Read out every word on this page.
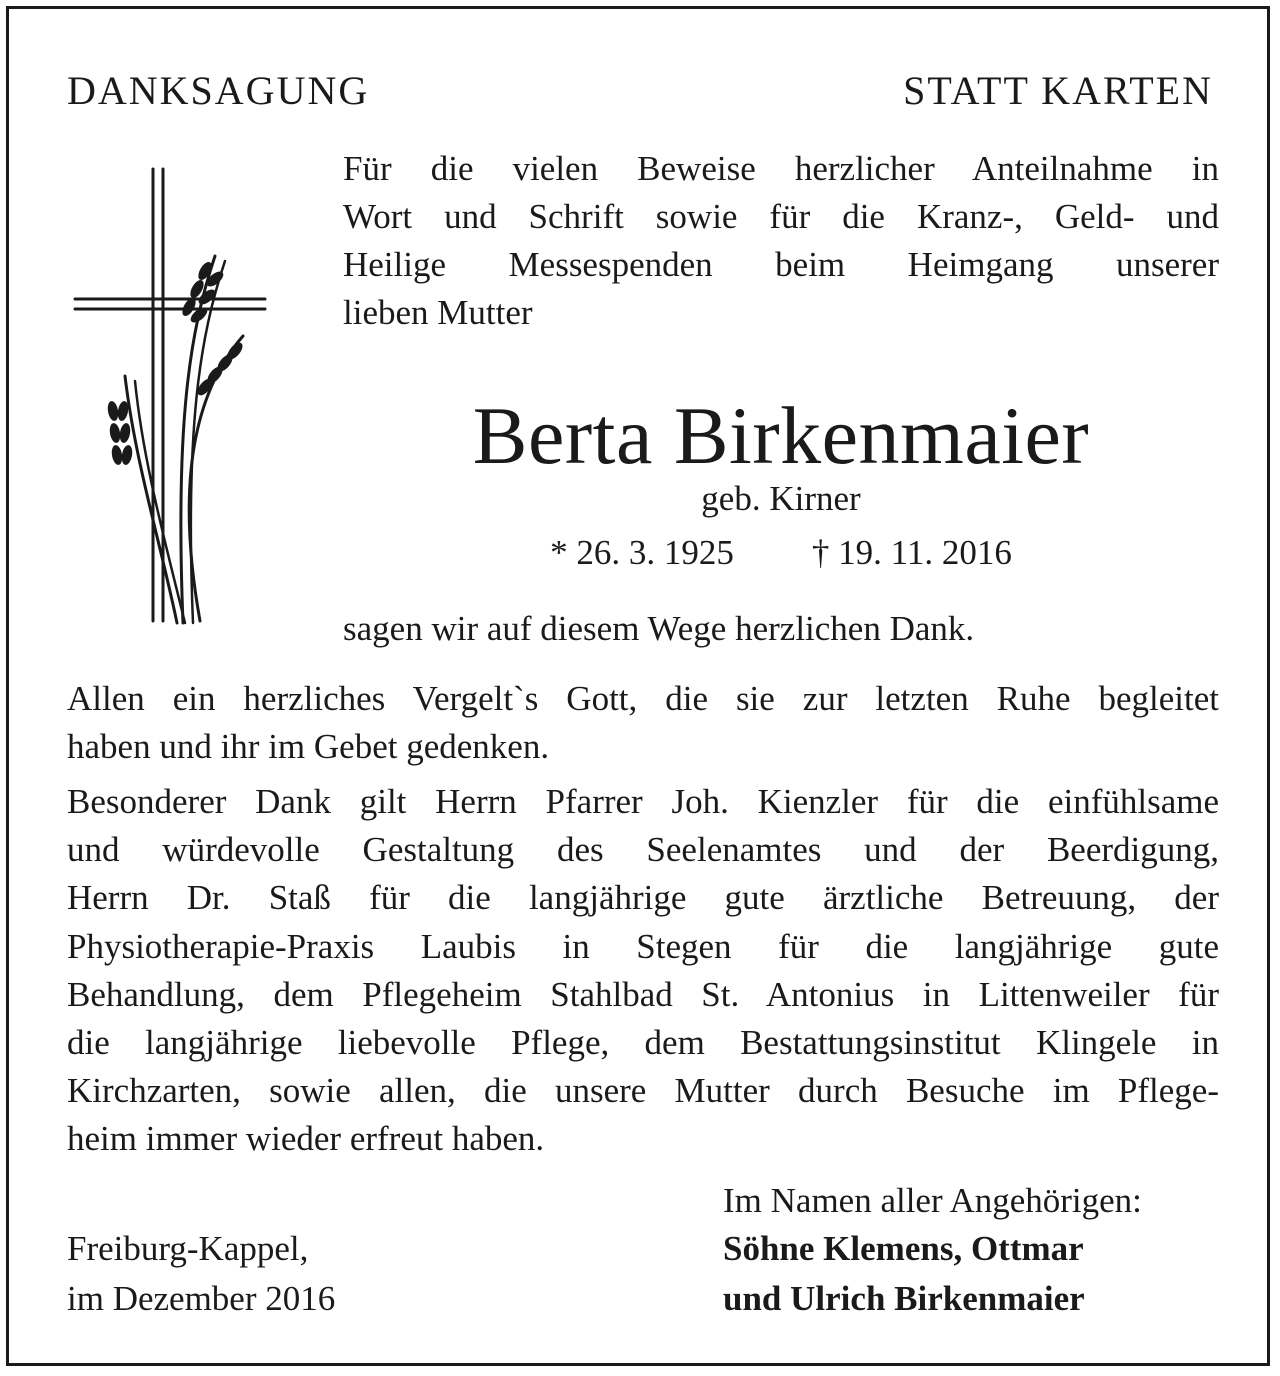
DANKSAGUNG	STATT KARTEN
Für die vielen Beweise herzlicher Anteilnahme in
Wort und Schrift sowie für die Kranz-, Geld- und
Heilige Messespenden beim Heimgang unserer
lieben Mutter
Berta Birkenmaier
geb. Kirner
* 26. 3. 1925 † 19. 11. 2016
sagen wir auf diesem Wege herzlichen Dank.
Allen ein herzliches Vergelt`s Gott, die sie zur letzten Ruhe begleitet
haben und ihr im Gebet gedenken.
Besonderer Dank gilt Herrn Pfarrer Joh. Kienzler für die einfühlsame
und würdevolle Gestaltung des Seelenamtes und der Beerdigung,
Herrn Dr. Staß für die langjährige gute ärztliche Betreuung, der
Physiotherapie-Praxis Laubis in Stegen für die langjährige gute
Behandlung, dem Pflegeheim Stahlbad St. Antonius in Littenweiler für
die langjährige liebevolle Pflege, dem Bestattungsinstitut Klingele in
Kirchzarten, sowie allen, die unsere Mutter durch Besuche im Pflege-
heim immer wieder erfreut haben.
Im Namen aller Angehörigen:
Freiburg-Kappel,	Söhne Klemens, Ottmar
im Dezember 2016	und Ulrich Birkenmaier
